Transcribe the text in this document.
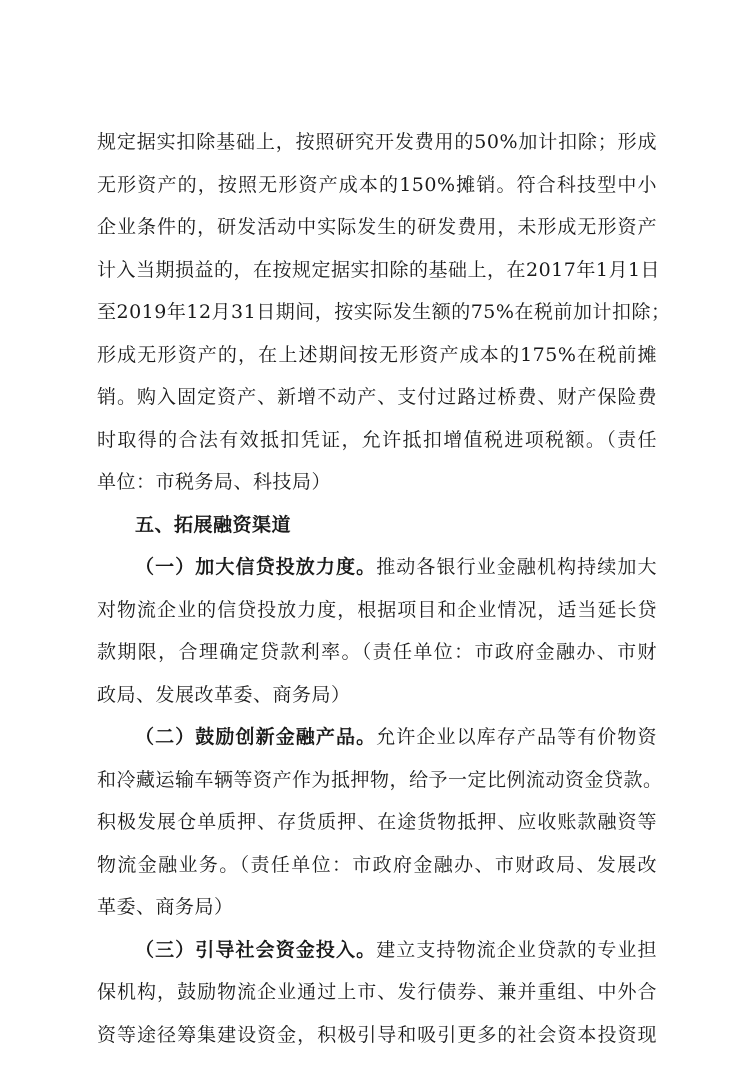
规定据实扣除基础上，按照研究开发费用的50%加计扣除；形成
无形资产的，按照无形资产成本的150%摊销。符合科技型中小
企业条件的，研发活动中实际发生的研发费用，未形成无形资产
计入当期损益的，在按规定据实扣除的基础上，在2017年1月1日
至2019年12月31日期间，按实际发生额的75%在税前加计扣除；
形成无形资产的，在上述期间按无形资产成本的175%在税前摊
销。购入固定资产、新增不动产、支付过路过桥费、财产保险费
时取得的合法有效抵扣凭证，允许抵扣增值税进项税额。（责任
单位：市税务局、科技局）
五、拓展融资渠道
（一）加大信贷投放力度。推动各银行业金融机构持续加大
对物流企业的信贷投放力度，根据项目和企业情况，适当延长贷
款期限，合理确定贷款利率。（责任单位：市政府金融办、市财
政局、发展改革委、商务局）
（二）鼓励创新金融产品。允许企业以库存产品等有价物资
和冷藏运输车辆等资产作为抵押物，给予一定比例流动资金贷款。
积极发展仓单质押、存货质押、在途货物抵押、应收账款融资等
物流金融业务。（责任单位：市政府金融办、市财政局、发展改
革委、商务局）
（三）引导社会资金投入。建立支持物流企业贷款的专业担
保机构，鼓励物流企业通过上市、发行债券、兼并重组、中外合
资等途径筹集建设资金，积极引导和吸引更多的社会资本投资现
